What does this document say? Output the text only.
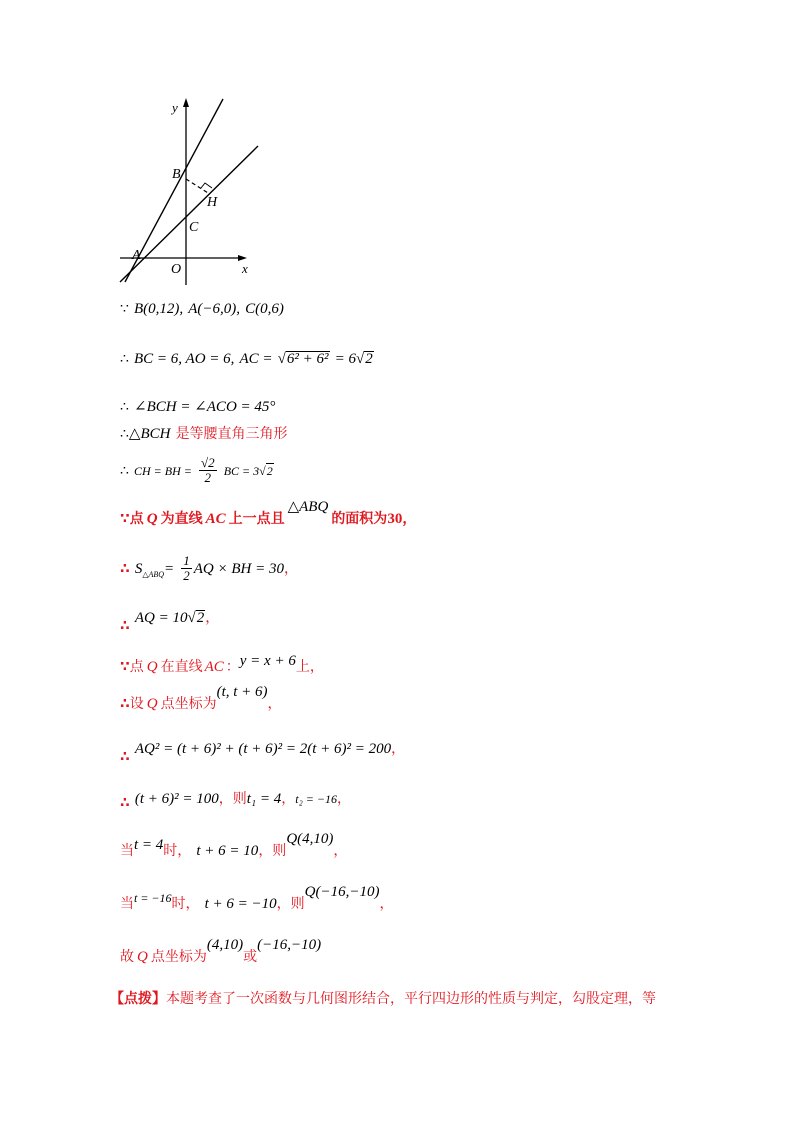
y
B
H
C
A
O	x
∵ B(0,12), A(−6,0), C(0,6)
∴ BC = 6, AO = 6, AC = √6² + 6² = 6√2
∴ ∠BCH = ∠ACO = 45°
∴△BCH 是等腰直角三角形
∴ CH = BH = $\frac{√2}{2}$ BC = 3√2
∵点 Q 为直线 AC 上一点且△ABQ的面积为30，
∴ $S_{\triangle ABQ}= \frac{1}{2}$ AQ × BH = 30，
∴ AQ = 10√2，
∵点 Q 在直线 AC ：y = x + 6上，
∴设 Q 点坐标为(t, t + 6)，
∴ AQ² = (t + 6)² + (t + 6)² = 2(t + 6)² = 200，
∴ (t + 6)² = 100，则t₁ = 4，t₂ = −16，
当t = 4时， t + 6 = 10，则Q(4,10)，
当$^{t = -16}$时， t + 6 = −10，则Q(−16,−10)，
故 Q 点坐标为(4,10)或(−16,−10)
【点拨】本题考查了一次函数与几何图形结合，平行四边形的性质与判定，勾股定理，等
